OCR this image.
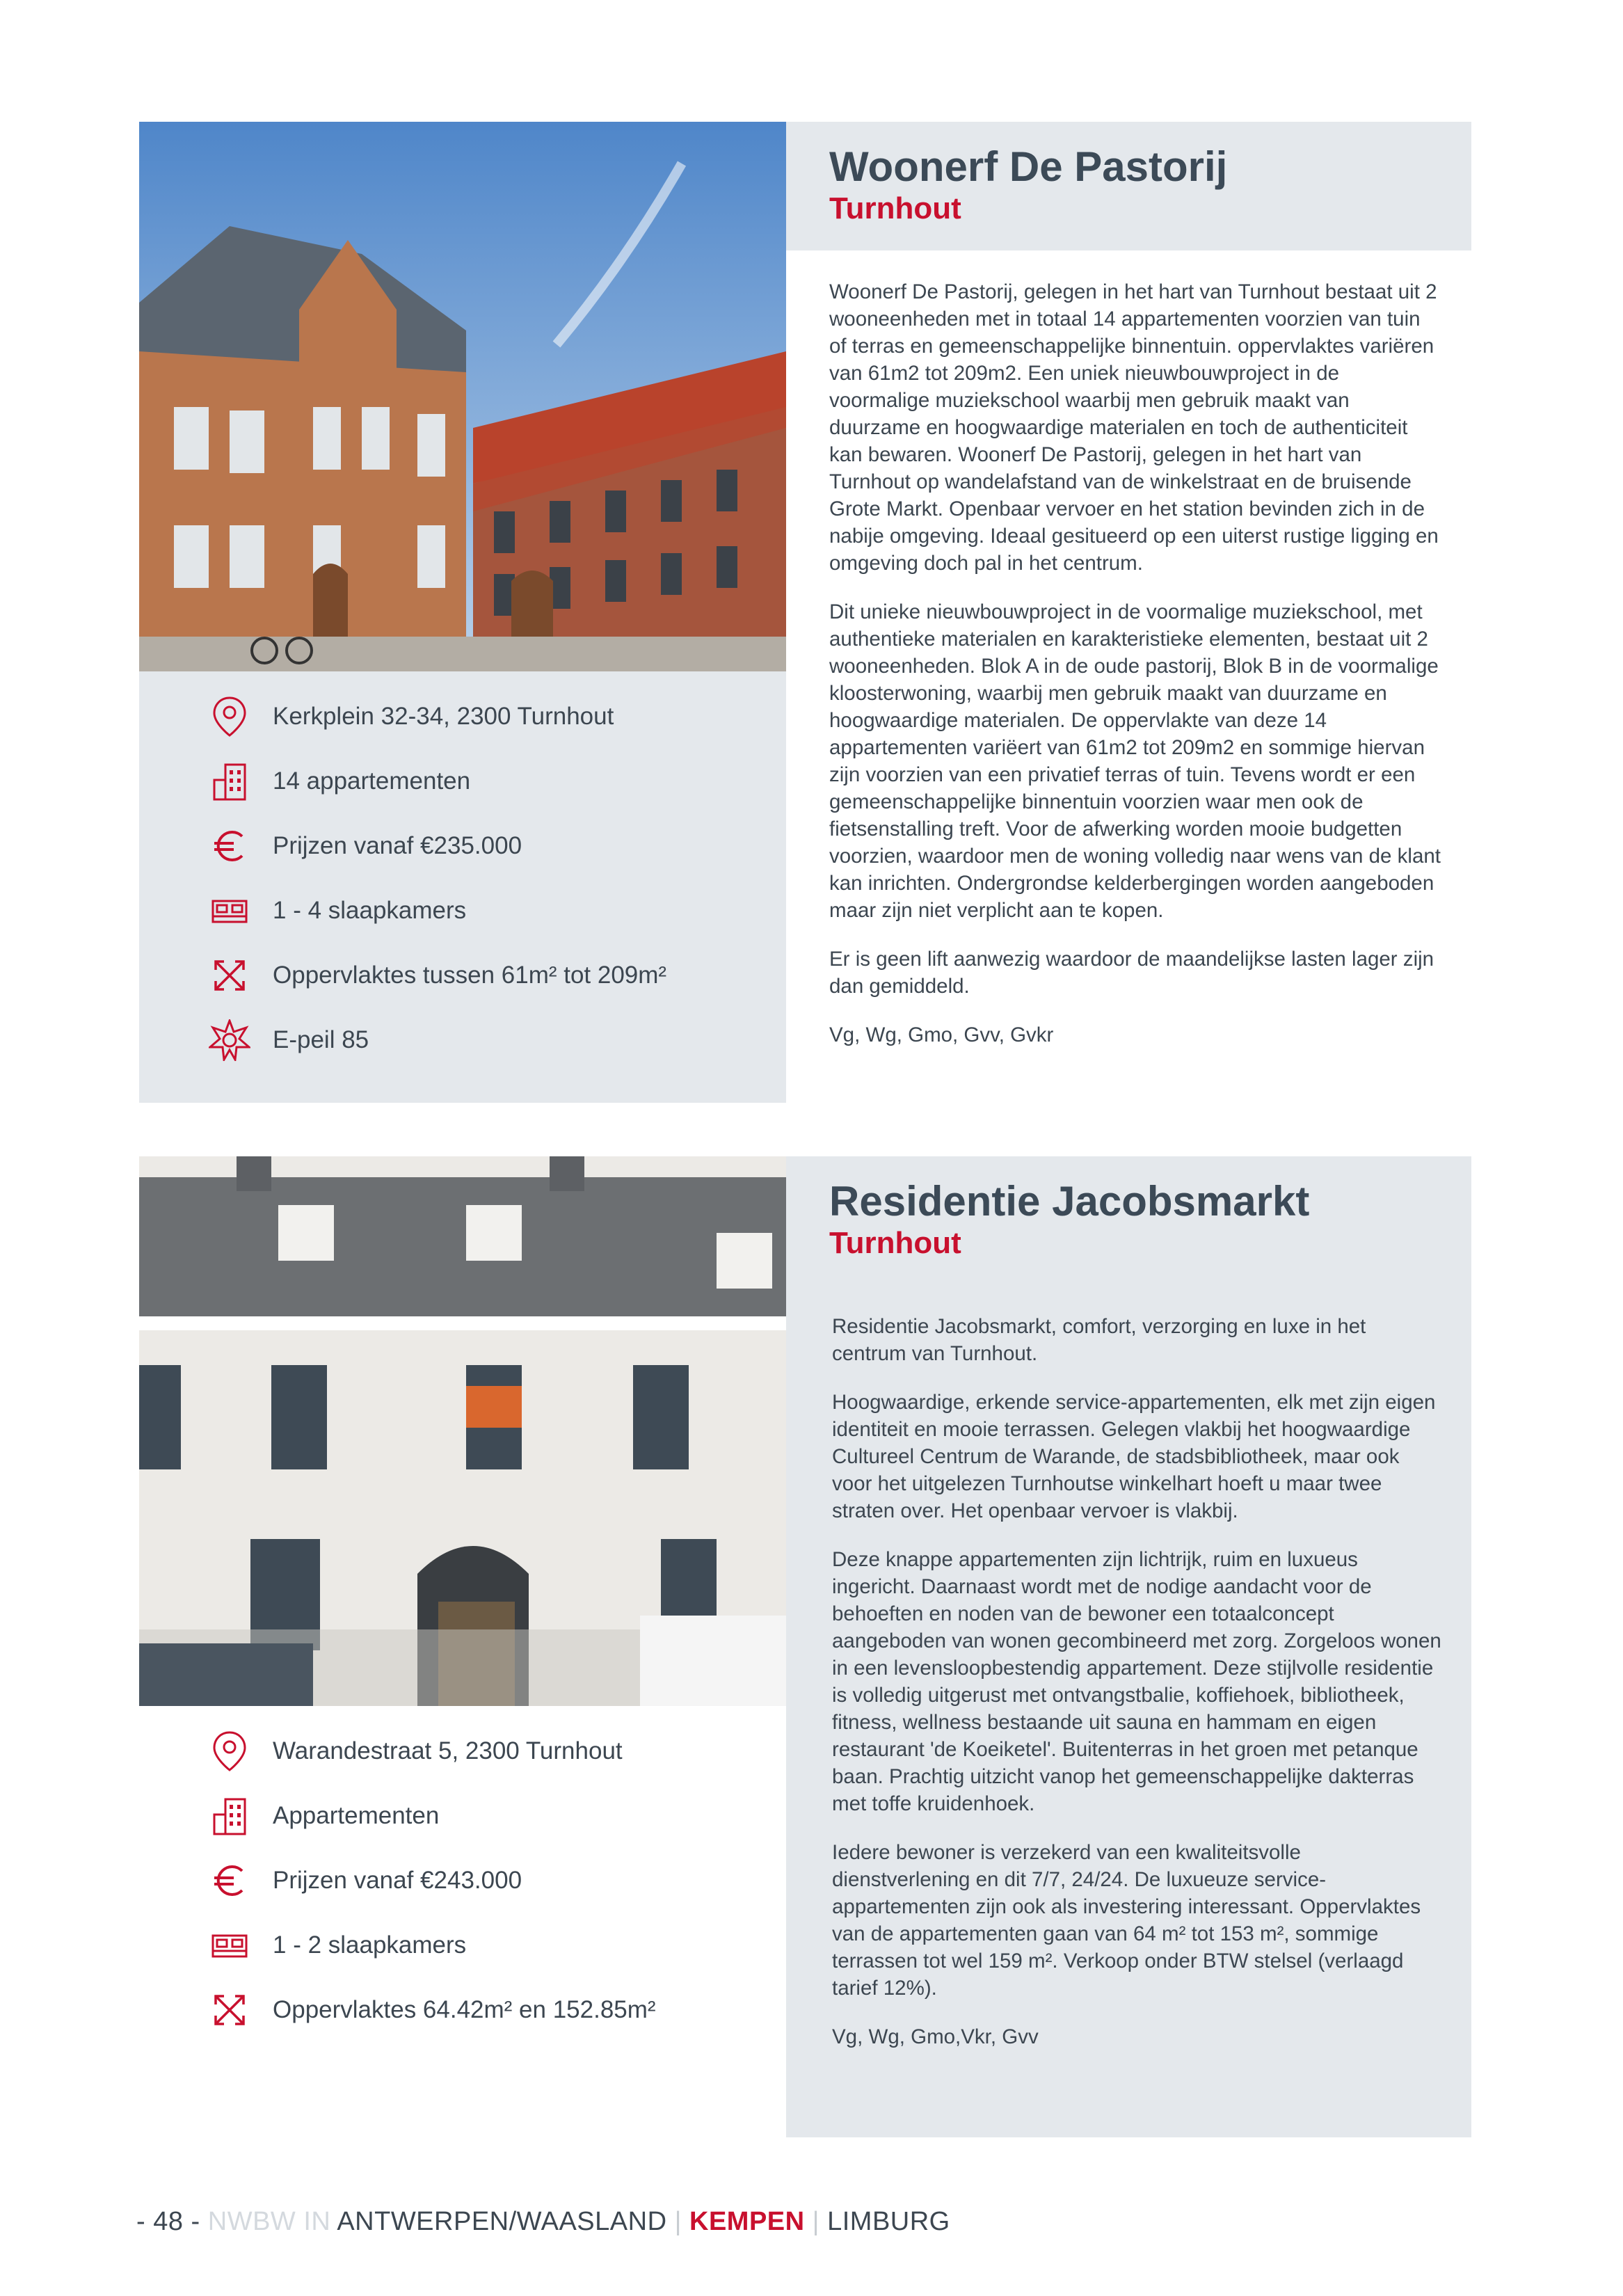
Kerkplein 32-34, 2300 Turnhout
14 appartementen
Prijzen vanaf €235.000
1 - 4 slaapkamers
Oppervlaktes tussen 61m² tot 209m²
E-peil 85
Woonerf De Pastorij
Turnhout

Woonerf De Pastorij, gelegen in het hart van Turnhout bestaat uit 2 wooneenheden met in totaal 14 appartementen voorzien van tuin of terras en gemeenschappelijke binnentuin. oppervlaktes variëren van 61m2 tot 209m2. Een uniek nieuwbouwproject in de voormalige muziekschool waarbij men gebruik maakt van duurzame en hoogwaardige materialen en toch de authenticiteit kan bewaren. Woonerf De Pastorij, gelegen in het hart van Turnhout op wandelafstand van de winkelstraat en de bruisende Grote Markt. Openbaar vervoer en het station bevinden zich in de nabije omgeving. Ideaal gesitueerd op een uiterst rustige ligging en omgeving doch pal in het centrum.

Dit unieke nieuwbouwproject in de voormalige muziekschool, met authentieke materialen en karakteristieke elementen, bestaat uit 2 wooneenheden. Blok A in de oude pastorij, Blok B in de voormalige kloosterwoning, waarbij men gebruik maakt van duurzame en hoogwaardige materialen. De oppervlakte van deze 14 appartementen variëert van 61m2 tot 209m2 en sommige hiervan zijn voorzien van een privatief terras of tuin. Tevens wordt er een gemeenschappelijke binnentuin voorzien waar men ook de fietsenstalling treft. Voor de afwerking worden mooie budgetten voorzien, waardoor men de woning volledig naar wens van de klant kan inrichten. Ondergrondse kelderbergingen worden aangeboden maar zijn niet verplicht aan te kopen.

Er is geen lift aanwezig waardoor de maandelijkse lasten lager zijn dan gemiddeld.

Vg, Wg, Gmo, Gvv, Gvkr

Warandestraat 5, 2300 Turnhout
Appartementen
Prijzen vanaf €243.000
1 - 2 slaapkamers
Oppervlaktes 64.42m² en 152.85m²
Residentie Jacobsmarkt
Turnhout

Residentie Jacobsmarkt, comfort, verzorging en luxe in het centrum van Turnhout.

Hoogwaardige, erkende service-appartementen, elk met zijn eigen identiteit en mooie terrassen. Gelegen vlakbij het hoogwaardige Cultureel Centrum de Warande, de stadsbibliotheek, maar ook voor het uitgelezen Turnhoutse winkelhart hoeft u maar twee straten over. Het openbaar vervoer is vlakbij.

Deze knappe appartementen zijn lichtrijk, ruim en luxueus ingericht. Daarnaast wordt met de nodige aandacht voor de behoeften en noden van de bewoner een totaalconcept aangeboden van wonen gecombineerd met zorg. Zorgeloos wonen in een levensloopbestendig appartement. Deze stijlvolle residentie is volledig uitgerust met ontvangstbalie, koffiehoek, bibliotheek, fitness, wellness bestaande uit sauna en hammam en eigen restaurant 'de Koeiketel'. Buitenterras in het groen met petanque baan. Prachtig uitzicht vanop het gemeenschappelijke dakterras met toffe kruidenhoek.

Iedere bewoner is verzekerd van een kwaliteitsvolle dienstverlening en dit 7/7, 24/24. De luxueuze service-appartementen zijn ook als investering interessant. Oppervlaktes van de appartementen gaan van 64 m² tot 153 m², sommige terrassen tot wel 159 m². Verkoop onder BTW stelsel (verlaagd tarief 12%).

Vg, Wg, Gmo,Vkr, Gvv

- 48 - NWBW IN ANTWERPEN/WAASLAND | KEMPEN | LIMBURG
